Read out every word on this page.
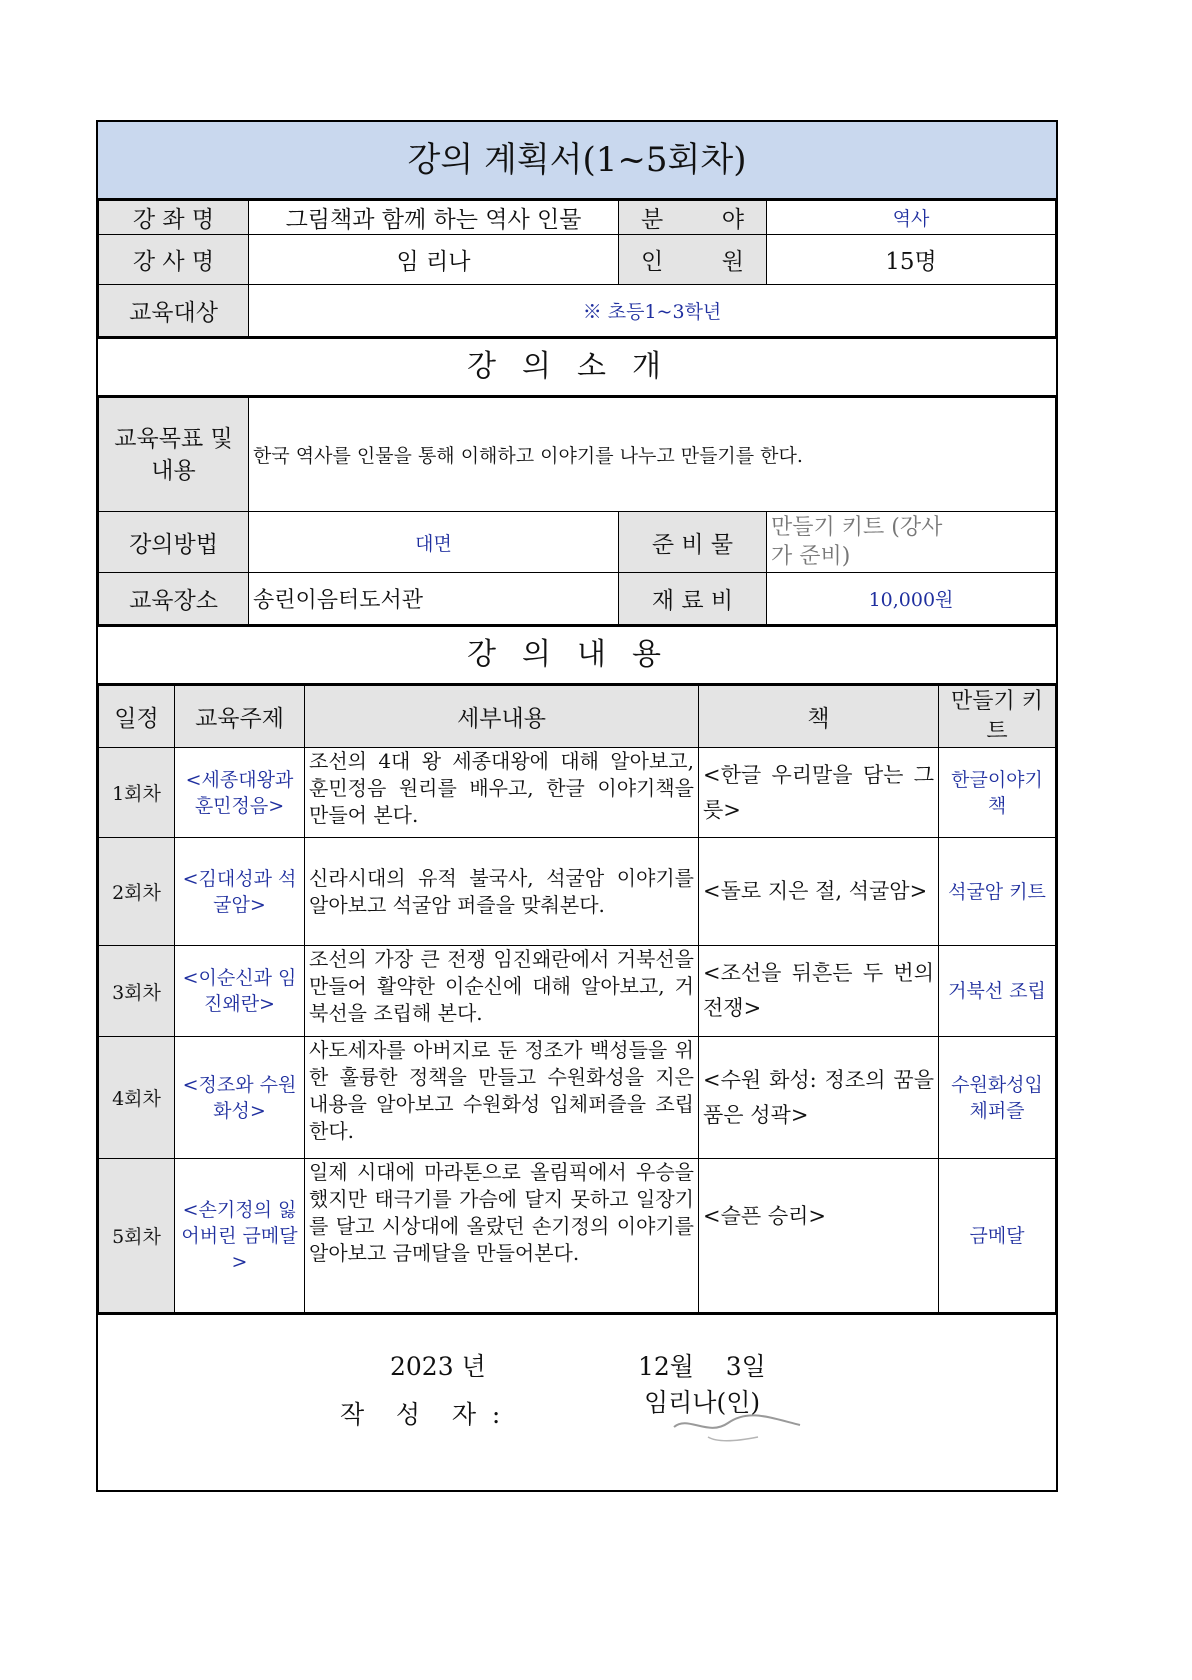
강의 계획서(1~5회차)
강 좌 명	그림책과 함께 하는 역사 인물	분        야	역사
강 사 명	임 리나	인        원	15명
교육대상	※ 초등1~3학년		
강의소개
교육목표 및 내용	한국 역사를 인물을 통해 이해하고 이야기를 나누고 만들기를 한다.		
강의방법	대면	준 비 물	만들기 키트 (강사가 준비)
교육장소	송린이음터도서관	재 료 비	10,000원
강의내용
일정	교육주제	세부내용	책	만들기 키트
1회차	<세종대왕과 훈민정음>	조선의 4대 왕 세종대왕에 대해 알아보고, 훈민정음 원리를 배우고, 한글 이야기책을 만들어 본다.	<한글 우리말을 담는 그릇>	한글이야기책
2회차	<김대성과 석굴암>	신라시대의 유적 불국사, 석굴암 이야기를 알아보고 석굴암 퍼즐을 맞춰본다.	<돌로 지은 절, 석굴암>	석굴암 키트
3회차	<이순신과 임진왜란>	조선의 가장 큰 전쟁 임진왜란에서 거북선을 만들어 활약한 이순신에 대해 알아보고, 거북선을 조립해 본다.	<조선을 뒤흔든 두 번의 전쟁>	거북선 조립
4회차	<정조와 수원화성>	사도세자를 아버지로 둔 정조가 백성들을 위한 훌륭한 정책을 만들고 수원화성을 지은 내용을 알아보고 수원화성 입체퍼즐을 조립한다.	<수원 화성: 정조의 꿈을 품은 성곽>	수원화성입체퍼즐
5회차	<손기정의 잃어버린 금메달>	일제 시대에 마라톤으로 올림픽에서 우승을 했지만 태극기를 가슴에 달지 못하고 일장기를 달고 시상대에 올랐던 손기정의 이야기를 알아보고 금메달을 만들어본다.	<슬픈 승리>	금메달
2023 년	12월    3일
작    성    자  :	임리나(인)
